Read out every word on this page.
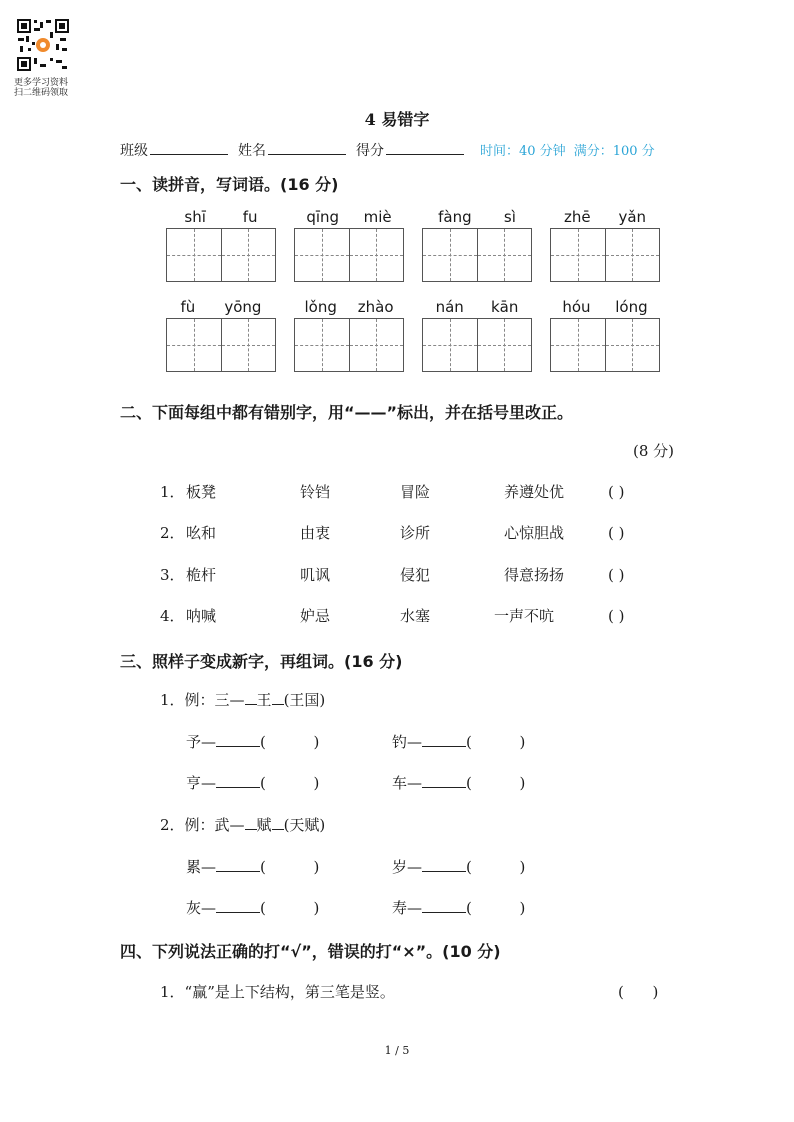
更多学习资料
扫二维码领取
4 易错字
班级	姓名	得分	时间：40 分钟 满分：100 分
一、读拼音，写词语。(16 分)
shī fu	qīng miè	fàng sì	zhē yǎn
fù yōng	lǒng zhào	nán kān	hóu lóng
二、下面每组中都有错别字，用“——”标出，并在括号里改正。
(8 分)
1． 板凳	铃铛	冒险	养遵处优	( )
2． 吆和	由衷	诊所	心惊胆战	( )
3． 桅杆	叽讽	侵犯	得意扬扬	( )
4． 呐喊	妒忌	水塞	一声不吭	( )
三、照样子变成新字，再组词。(16 分)
1．例：三— 王 (王国)
予—	(          )	钓—	(          )
亨—	(          )	车—	(          )
2．例：武— 赋 (天赋)
累—	(          )	岁—	(          )
灰—	(          )	寿—	(          )
四、下列说法正确的打“√”，错误的打“×”。(10 分)
1．“赢”是上下结构，第三笔是竖。	(      )
1 / 5
